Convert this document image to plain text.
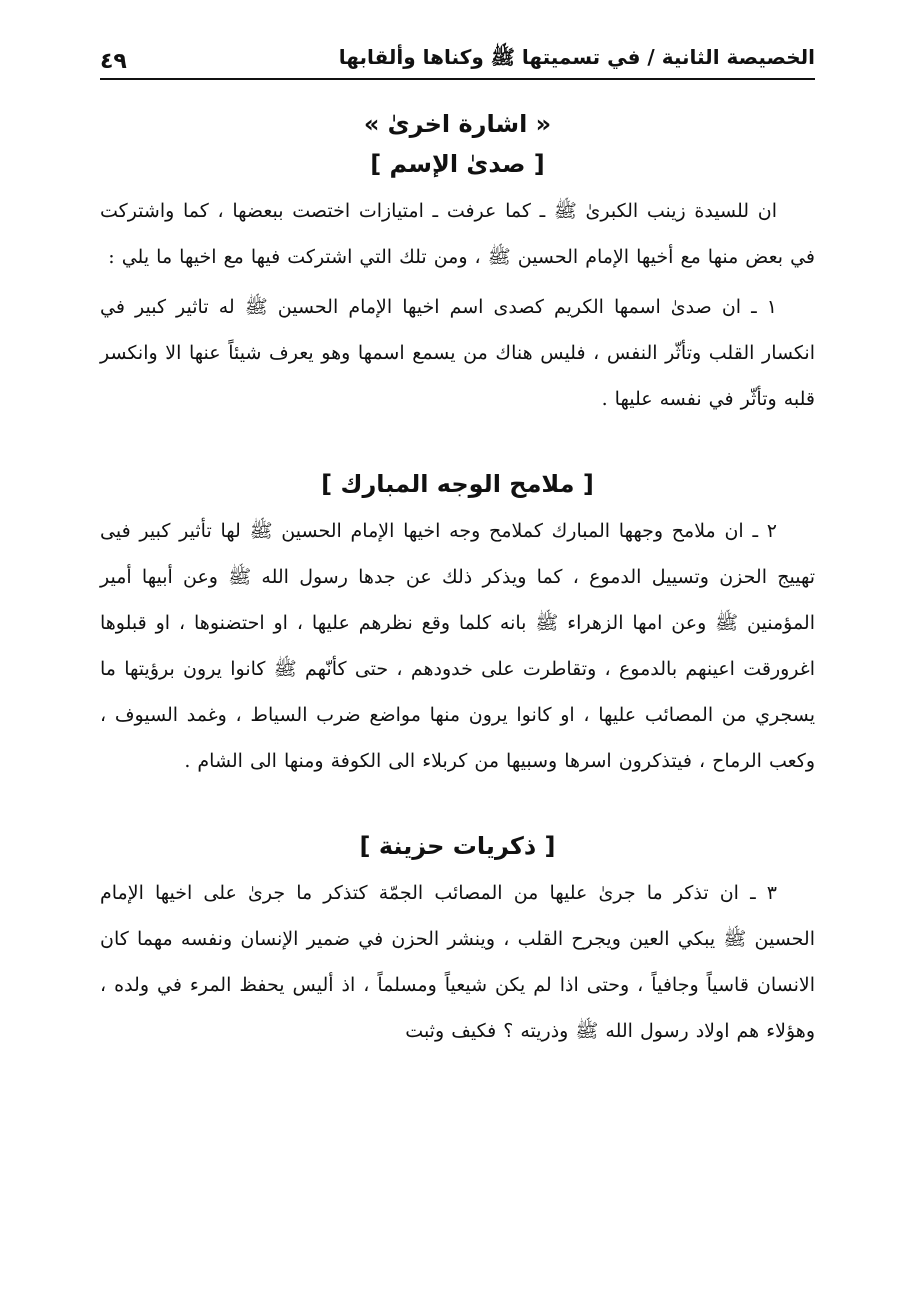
الخصيصة الثانية / في تسميتها ﷺ وكناها وألقابها
٤٩
« اشارة اخرىٰ »
[ صدىٰ الإسم ]

ان للسيدة زينب الكبرىٰ ﷺ ـ كما عرفت ـ امتيازات اختصت ببعضها ، كما واشتركت في بعض منها مع أخيها الإمام الحسين ﷺ ، ومن تلك التي اشتركت فيها مع اخيها ما يلي :

١ ـ ان صدىٰ اسمها الكريم كصدى اسم اخيها الإمام الحسين ﷺ له تاثير كبير في انكسار القلب وتأثّر النفس ، فليس هناك من يسمع اسمها وهو يعرف شيئاً عنها الا وانكسر قلبه وتأثّر في نفسه عليها .

[ ملامح الوجه المبارك ]

٢ ـ ان ملامح وجهها المبارك كملامح وجه اخيها الإمام الحسين ﷺ لها تأثير كبير فيى تهييج الحزن وتسييل الدموع ، كما ويذكر ذلك عن جدها رسول الله ﷺ وعن أبيها أمير المؤمنين ﷺ وعن امها الزهراء ﷺ بانه كلما وقع نظرهم عليها ، او احتضنوها ، او قبلوها اغرورقت اعينهم بالدموع ، وتقاطرت على خدودهم ، حتى كأنّهم ﷺ كانوا يرون برؤيتها ما يسجري من المصائب عليها ، او كانوا يرون منها مواضع ضرب السياط ، وغمد السيوف ، وكعب الرماح ، فيتذكرون اسرها وسبيها من كربلاء الى الكوفة ومنها الى الشام .

[ ذكريات حزينة ]

٣ ـ ان تذكر ما جرىٰ عليها من المصائب الجمّة كتذكر ما جرىٰ على اخيها الإمام الحسين ﷺ يبكي العين ويجرح القلب ، وينشر الحزن في ضمير الإنسان ونفسه مهما كان الانسان قاسياً وجافياً ، وحتى اذا لم يكن شيعياً ومسلماً ، اذ أليس يحفظ المرء في ولده ، وهؤلاء هم اولاد رسول الله ﷺ وذريته ؟ فكيف وثبت
